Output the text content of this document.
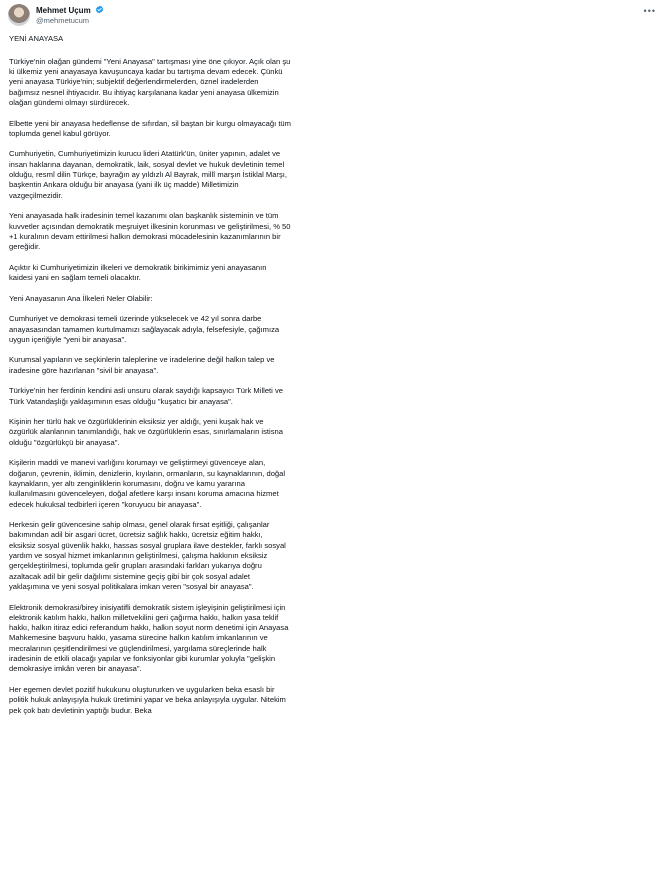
Mehmet Uçum
@mehmetucum
•••

YENİ ANAYASA

Türkiye'nin olağan gündemi "Yeni Anayasa" tartışması yine öne çıkıyor. Açık olan şu ki ülkemiz yeni anayasaya kavuşuncaya kadar bu tartışma devam edecek. Çünkü yeni anayasa Türkiye'nin; subjektif değerlendirmelerden, öznel iradelerden bağımsız nesnel ihtiyacıdır. Bu ihtiyaç karşılanana kadar yeni anayasa ülkemizin olağan gündemi olmayı sürdürecek.

Elbette yeni bir anayasa hedeflense de sıfırdan, sil baştan bir kurgu olmayacağı tüm toplumda genel kabul görüyor.

Cumhuriyetin, Cumhuriyetimizin kurucu lideri Atatürk'ün, üniter yapının, adalet ve insan haklarına dayanan, demokratik, laik, sosyal devlet ve hukuk devletinin temel olduğu, resmî dilin Türkçe, bayrağın ay yıldızlı Al Bayrak, millî marşın İstiklal Marşı, başkentin Ankara olduğu bir anayasa (yani ilk üç madde) Milletimizin vazgeçilmezidir.

Yeni anayasada halk iradesinin temel kazanımı olan başkanlık sisteminin ve tüm kuvvetler açısından demokratik meşruiyet ilkesinin korunması ve geliştirilmesi, % 50 +1 kuralının devam ettirilmesi halkın demokrasi mücadelesinin kazanımlarının bir gereğidir.

Açıktır ki Cumhuriyetimizin ilkeleri ve demokratik birikimimiz yeni anayasanın kaidesi yani en sağlam temeli olacaktır.

Yeni Anayasanın Ana İlkeleri Neler Olabilir:

Cumhuriyet ve demokrasi temeli üzerinde yükselecek ve 42 yıl sonra darbe anayasasından tamamen kurtulmamızı sağlayacak adıyla, felsefesiyle, çağımıza uygun içeriğiyle "yeni bir anayasa".

Kurumsal yapıların ve seçkinlerin taleplerine ve iradelerine değil halkın talep ve iradesine göre hazırlanan "sivil bir anayasa".

Türkiye'nin her ferdinin kendini asli unsuru olarak saydığı kapsayıcı Türk Milleti ve Türk Vatandaşlığı yaklaşımının esas olduğu "kuşatıcı bir anayasa".

Kişinin her türlü hak ve özgürlüklerinin eksiksiz yer aldığı, yeni kuşak hak ve özgürlük alanlarının tanımlandığı, hak ve özgürlüklerin esas, sınırlamaların istisna olduğu "özgürlükçü bir anayasa".

Kişilerin maddi ve manevi varlığını korumayı ve geliştirmeyi güvenceye alan, doğanın, çevrenin, iklimin, denizlerin, kıyıların, ormanların, su kaynaklarının, doğal kaynakların, yer altı zenginliklerin korumasını, doğru ve kamu yararına kullanılmasını güvenceleyen, doğal afetlere karşı insanı koruma amacına hizmet edecek hukuksal tedbirleri içeren "koruyucu bir anayasa".

Herkesin gelir güvencesine sahip olması, genel olarak fırsat eşitliği, çalışanlar bakımından adil bir asgari ücret, ücretsiz sağlık hakkı, ücretsiz eğitim hakkı, eksiksiz sosyal güvenlik hakkı, hassas sosyal gruplara ilave destekler, farklı sosyal yardım ve sosyal hizmet imkanlarının geliştirilmesi, çalışma hakkının eksiksiz gerçekleştirilmesi, toplumda gelir grupları arasındaki farkları yukarıya doğru azaltacak adil bir gelir dağılımı sistemine geçiş gibi bir çok sosyal adalet yaklaşımına ve yeni sosyal politikalara imkan veren "sosyal bir anayasa".

Elektronik demokrasi/birey inisiyatifli demokratik sistem işleyişinin geliştirilmesi için elektronik katılım hakkı, halkın milletvekilini geri çağırma hakkı, halkın yasa teklif hakkı, halkın itiraz edici referandum hakkı, halkın soyut norm denetimi için Anayasa Mahkemesine başvuru hakkı, yasama sürecine halkın katılım imkanlarının ve mecralarının çeşitlendirilmesi ve güçlendirilmesi, yargılama süreçlerinde halk iradesinin de etkili olacağı yapılar ve fonksiyonlar gibi kurumlar yoluyla "gelişkin demokrasiye imkân veren bir anayasa".

Her egemen devlet pozitif hukukunu oluştururken ve uygularken beka esaslı bir politik hukuk anlayışıyla hukuk üretimini yapar ve beka anlayışıyla uygular. Nitekim pek çok batı devletinin yaptığı budur. Beka
